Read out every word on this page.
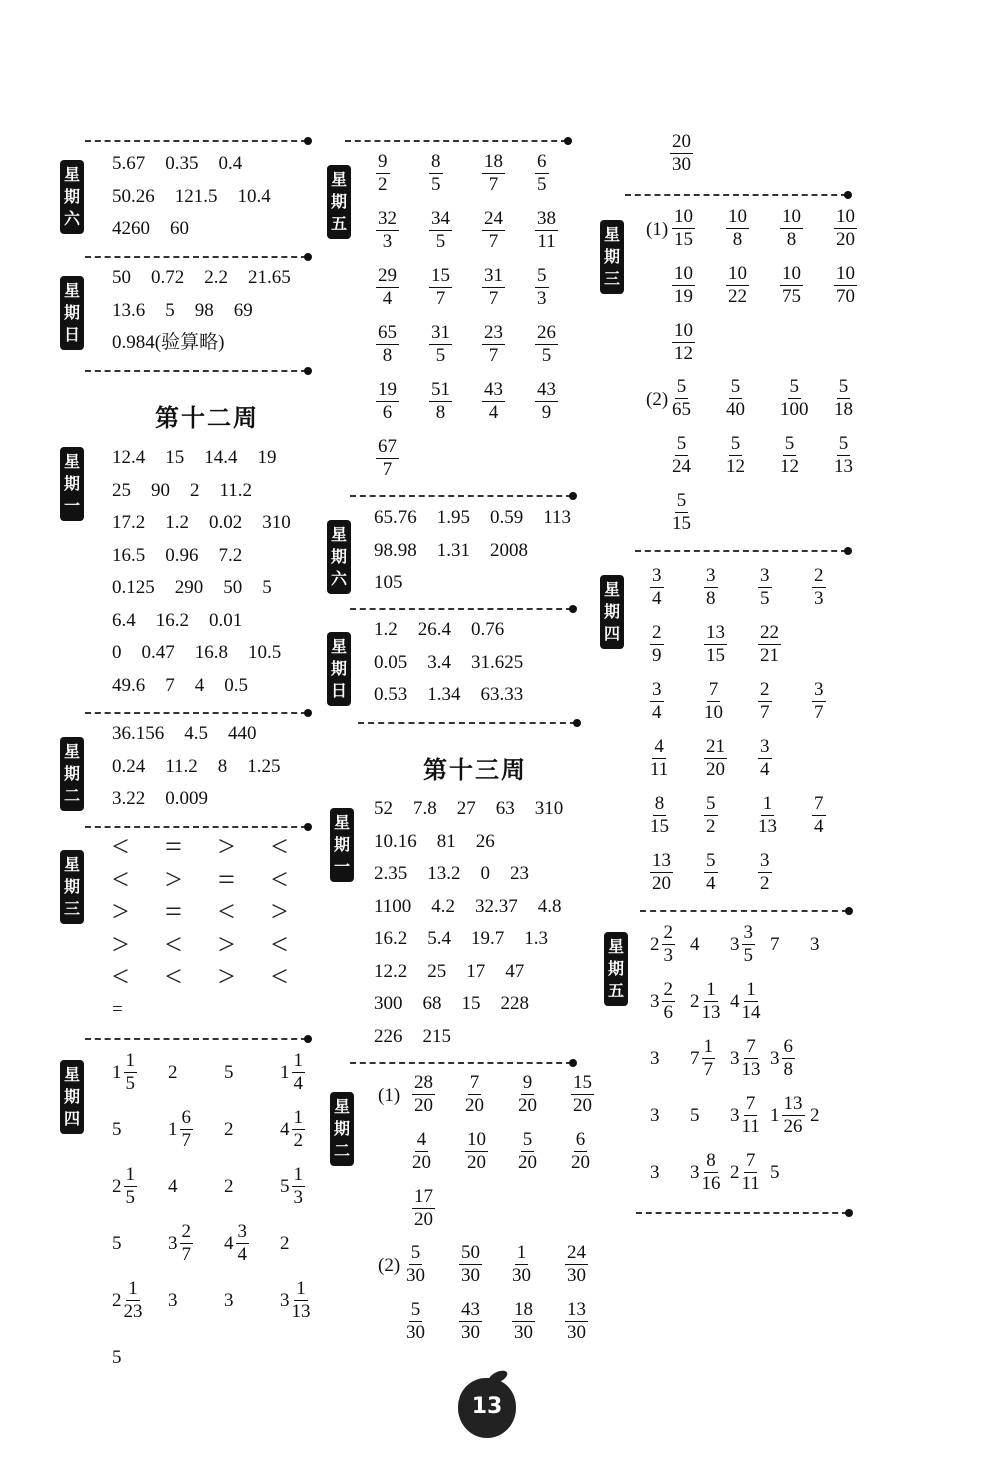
星
期
六
5.67 0.35 0.4
50.26 121.5 10.4
4260 60
星
期
日
50 0.72 2.2 21.65
13.6 5 98 69
0.984(验算略)
第十二周
星
期
一
12.4 15 14.4 19
25 90 2 11.2
17.2 1.2 0.02 310
16.5 0.96 7.2
0.125 290 50 5
6.4 16.2 0.01
0 0.47 16.8 10.5
49.6 7 4 0.5
星
期
二
36.156 4.5 440
0.24 11.2 8 1.25
3.22 0.009
星
期
三
星
期
四
星
期
五
星
期
六
65.76 1.95 0.59 113
98.98 1.31 2008
105
星
期
日
1.2 26.4 0.76
0.05 3.4 31.625
0.53 1.34 63.33
第十三周
星
期
一
52 7.8 27 63 310
10.16 81 26
2.35 13.2 0 23
1100 4.2 32.37 4.8
16.2 5.4 19.7 1.3
12.2 25 17 47
300 68 15 228
226 215
星
期
二
(1)
(2)
星
期
三
(1)
(2)
星
期
四
星
期
五
13
< = > <
< > = <
> = < >
> < > <
< < > <
=
$1 \frac{1}{5} 2$ 5 $1 \frac{1}{4}$
5 $1 \frac{6}{7} 2$ $4 \frac{1}{2}$
$2 \frac{1}{5} 4$ 2 $5 \frac{1}{3}$
5 $3 \frac{2}{7} 4 \frac{3}{4} 2$
$2 \frac{1}{23} 3$ 3 $3 \frac{1}{13}$
5
$\frac{9}{2} \frac{8}{5} \frac{18}{7} \frac{6}{5}$
$\frac{32}{3} \frac{34}{5} \frac{24}{7} \frac{38}{11}$
$\frac{29}{4} \frac{15}{7} \frac{31}{7} \frac{5}{3}$
$\frac{65}{8} \frac{31}{5} \frac{23}{7} \frac{26}{5}$
$\frac{19}{6} \frac{51}{8} \frac{43}{4} \frac{43}{9}$
$\frac{67}{7}$
$\frac{28}{20} \frac{7}{20} \frac{9}{20} \frac{15}{20}$
$\frac{4}{20} \frac{10}{20} \frac{5}{20} \frac{6}{20}$
$\frac{17}{20}$
$\frac{5}{30} \frac{50}{30} \frac{1}{30} \frac{24}{30}$
$\frac{5}{30} \frac{43}{30} \frac{18}{30} \frac{13}{30}$
$\frac{20}{30}$
$\frac{10}{15} \frac{10}{8} \frac{10}{8} \frac{10}{20}$
$\frac{10}{19} \frac{10}{22} \frac{10}{75} \frac{10}{70}$
$\frac{10}{12}$
$\frac{5}{65} \frac{5}{40} \frac{5}{100} \frac{5}{18}$
$\frac{5}{24} \frac{5}{12} \frac{5}{12} \frac{5}{13}$
$\frac{5}{15}$
$\frac{3}{4} \frac{3}{8} \frac{3}{5} \frac{2}{3}$
$\frac{2}{9} \frac{13}{15} \frac{22}{21}$
$\frac{3}{4} \frac{7}{10} \frac{2}{7} \frac{3}{7}$
$\frac{4}{11} \frac{21}{20} \frac{3}{4}$
$\frac{8}{15} \frac{5}{2} \frac{1}{13} \frac{7}{4}$
$\frac{13}{20} \frac{5}{4} \frac{3}{2}$
$2 \frac{2}{3} 4$ $3 \frac{3}{5} 7$ 3
$3 \frac{2}{6} 2 \frac{1}{13} 4 \frac{1}{14}$
3 $7 \frac{1}{7} 3 \frac{7}{13} 3 \frac{6}{8}$
3 5 $3 \frac{7}{11} 1 \frac{13}{26} 2$
3 $3 \frac{8}{16} 2 \frac{7}{11} 5$
